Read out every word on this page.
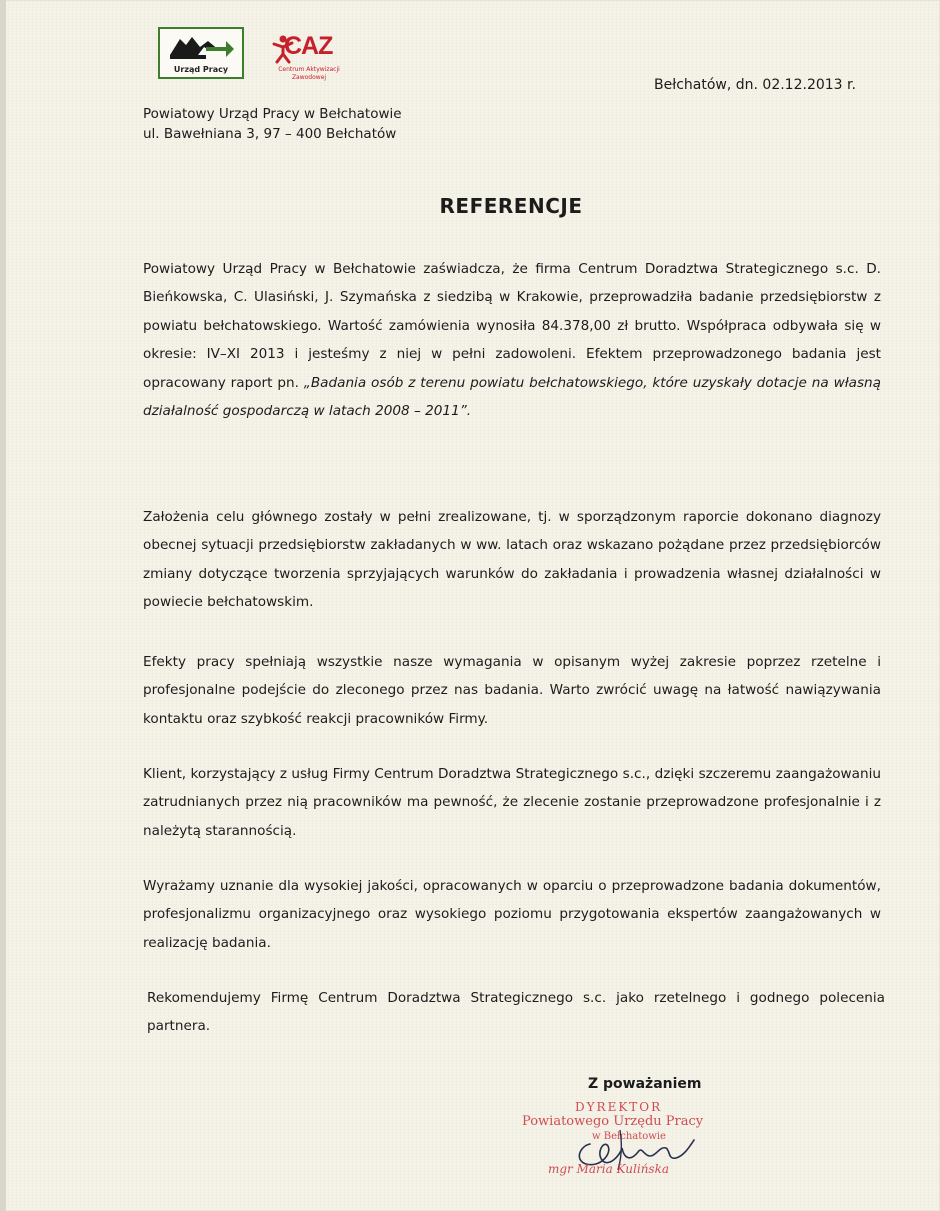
Urząd Pracy
CAZ
Centrum Aktywizacji Zawodowej	Bełchatów, dn. 02.12.2013 r.
Powiatowy Urząd Pracy w Bełchatowie
ul. Bawełniana 3, 97 – 400 Bełchatów
REFERENCJE
Powiatowy Urząd Pracy w Bełchatowie zaświadcza, że firma Centrum Doradztwa Strategicznego s.c. D. Bieńkowska, C. Ulasiński, J. Szymańska z siedzibą w Krakowie, przeprowadziła badanie przedsiębiorstw z powiatu bełchatowskiego. Wartość zamówienia wynosiła 84.378,00 zł brutto. Współpraca odbywała się w okresie: IV–XI 2013 i jesteśmy z niej w pełni zadowoleni. Efektem przeprowadzonego badania jest opracowany raport pn. „Badania osób z terenu powiatu bełchatowskiego, które uzyskały dotacje na własną działalność gospodarczą w latach 2008 – 2011”.
Założenia celu głównego zostały w pełni zrealizowane, tj. w sporządzonym raporcie dokonano diagnozy obecnej sytuacji przedsiębiorstw zakładanych w ww. latach oraz wskazano pożądane przez przedsiębiorców zmiany dotyczące tworzenia sprzyjających warunków do zakładania i prowadzenia własnej działalności w powiecie bełchatowskim.
Efekty pracy spełniają wszystkie nasze wymagania w opisanym wyżej zakresie poprzez rzetelne i profesjonalne podejście do zleconego przez nas badania. Warto zwrócić uwagę na łatwość nawiązywania kontaktu oraz szybkość reakcji pracowników Firmy.
Klient, korzystający z usług Firmy Centrum Doradztwa Strategicznego s.c., dzięki szczeremu zaangażowaniu zatrudnianych przez nią pracowników ma pewność, że zlecenie zostanie przeprowadzone profesjonalnie i z należytą starannością.
Wyrażamy uznanie dla wysokiej jakości, opracowanych w oparciu o przeprowadzone badania dokumentów, profesjonalizmu organizacyjnego oraz wysokiego poziomu przygotowania ekspertów zaangażowanych w realizację badania.
Rekomendujemy Firmę Centrum Doradztwa Strategicznego s.c. jako rzetelnego i godnego polecenia partnera.
Z poważaniem
DYREKTOR
Powiatowego Urzędu Pracy
w Bełchatowie
mgr Maria Kulińska
